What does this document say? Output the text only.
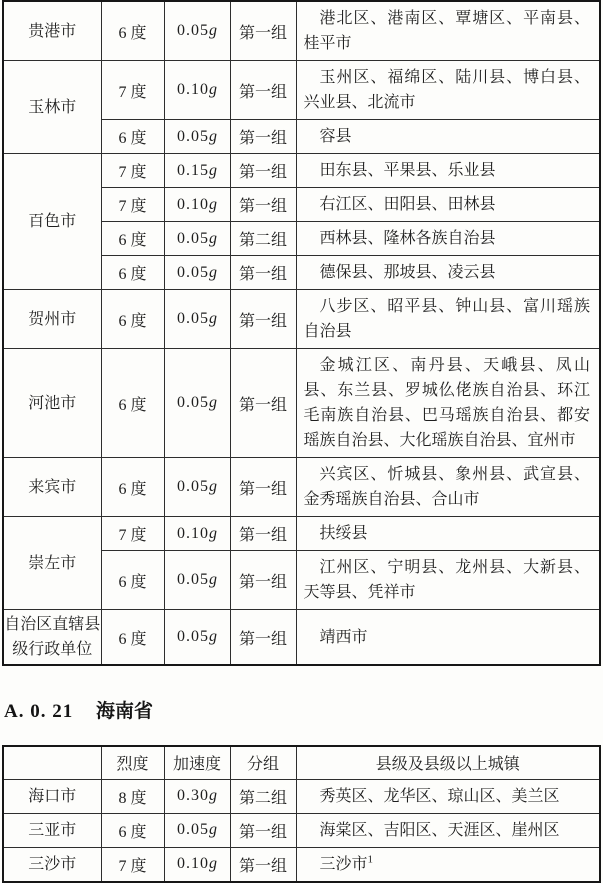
贵港市	6 度	0.05g	第一组	港北区、港南区、覃塘区、平南县、桂平市
玉林市	7 度	0.10g	第一组	玉州区、福绵区、陆川县、博白县、兴业县、北流市
	6 度	0.05g	第一组	容县
百色市	7 度	0.15g	第一组	田东县、平果县、乐业县
	7 度	0.10g	第一组	右江区、田阳县、田林县
	6 度	0.05g	第二组	西林县、隆林各族自治县
	6 度	0.05g	第一组	德保县、那坡县、凌云县
贺州市	6 度	0.05g	第一组	八步区、昭平县、钟山县、富川瑶族自治县
河池市	6 度	0.05g	第一组	金城江区、南丹县、天峨县、凤山县、东兰县、罗城仫佬族自治县、环江毛南族自治县、巴马瑶族自治县、都安瑶族自治县、大化瑶族自治县、宜州市
来宾市	6 度	0.05g	第一组	兴宾区、忻城县、象州县、武宣县、金秀瑶族自治县、合山市
崇左市	7 度	0.10g	第一组	扶绥县
	6 度	0.05g	第一组	江州区、宁明县、龙州县、大新县、天等县、凭祥市
自治区直辖县级行政单位	6 度	0.05g	第一组	靖西市
A. 0. 21 海南省
	烈度	加速度	分组	县级及县级以上城镇
海口市	8 度	0.30g	第二组	秀英区、龙华区、琼山区、美兰区
三亚市	6 度	0.05g	第一组	海棠区、吉阳区、天涯区、崖州区
三沙市	7 度	0.10g	第一组	三沙市$^1$
